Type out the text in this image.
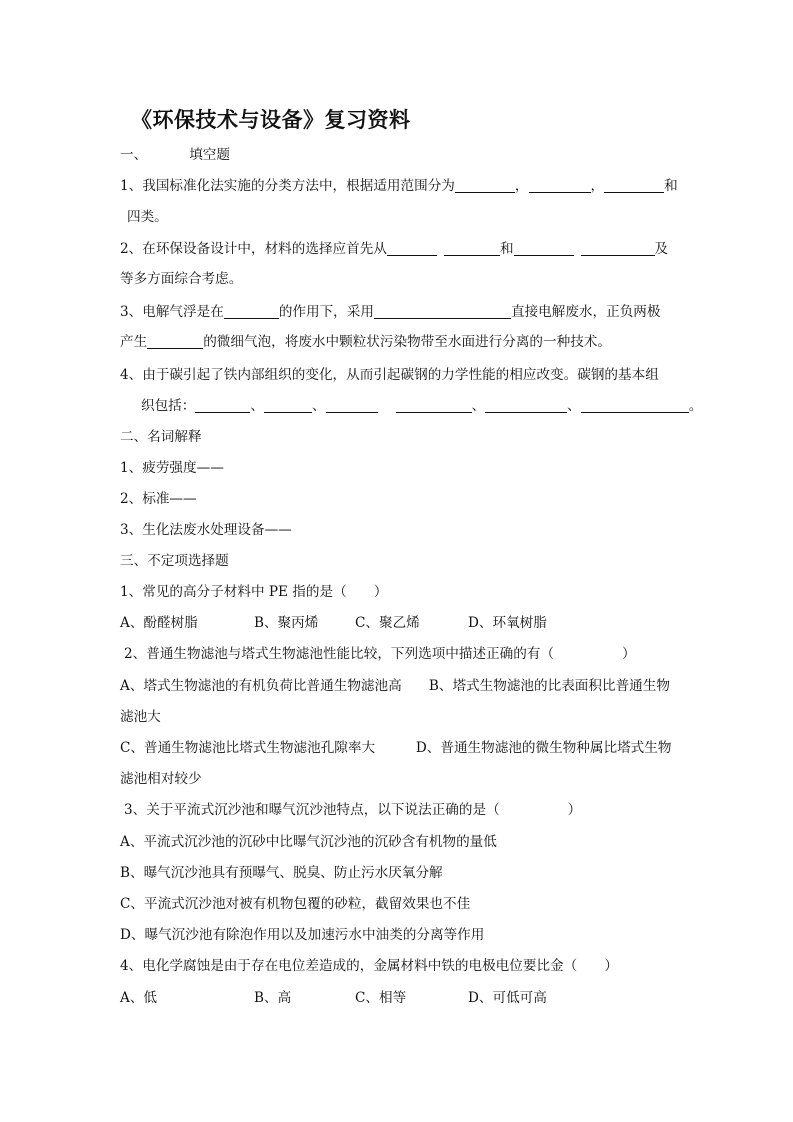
《环保技术与设备》复习资料
一、	填空题
1、我国标准化法实施的分类方法中，根据适用范围分为	，	，	和
四类。
2、在环保设备设计中，材料的选择应首先从	和	及
等多方面综合考虑。
3、电解气浮是在	的作用下，采用	直接电解废水，正负两极
产生	的微细气泡，将废水中颗粒状污染物带至水面进行分离的一种技术。
4、由于碳引起了铁内部组织的变化，从而引起碳钢的力学性能的相应改变。碳钢的基本组
织包括：	、	、	、	、	。
二、名词解释
1、疲劳强度——
2、标准——
3、生化法废水处理设备——
三、不定项选择题
1、常见的高分子材料中 PE 指的是（　　）
A、酚醛树脂	B、聚丙烯	C、聚乙烯	D、环氧树脂
2、普通生物滤池与塔式生物滤池性能比较，下列选项中描述正确的有（　　　　　）
A、塔式生物滤池的有机负荷比普通生物滤池高　　B、塔式生物滤池的比表面积比普通生物
滤池大
C、普通生物滤池比塔式生物滤池孔隙率大　　　D、普通生物滤池的微生物种属比塔式生物
滤池相对较少
3、关于平流式沉沙池和曝气沉沙池特点，以下说法正确的是（　　　　　）
A、平流式沉沙池的沉砂中比曝气沉沙池的沉砂含有机物的量低
B、曝气沉沙池具有预曝气、脱臭、防止污水厌氧分解
C、平流式沉沙池对被有机物包覆的砂粒，截留效果也不佳
D、曝气沉沙池有除泡作用以及加速污水中油类的分离等作用
4、电化学腐蚀是由于存在电位差造成的，金属材料中铁的电极电位要比金（　　）
A、低	B、高	C、相等	D、可低可高
